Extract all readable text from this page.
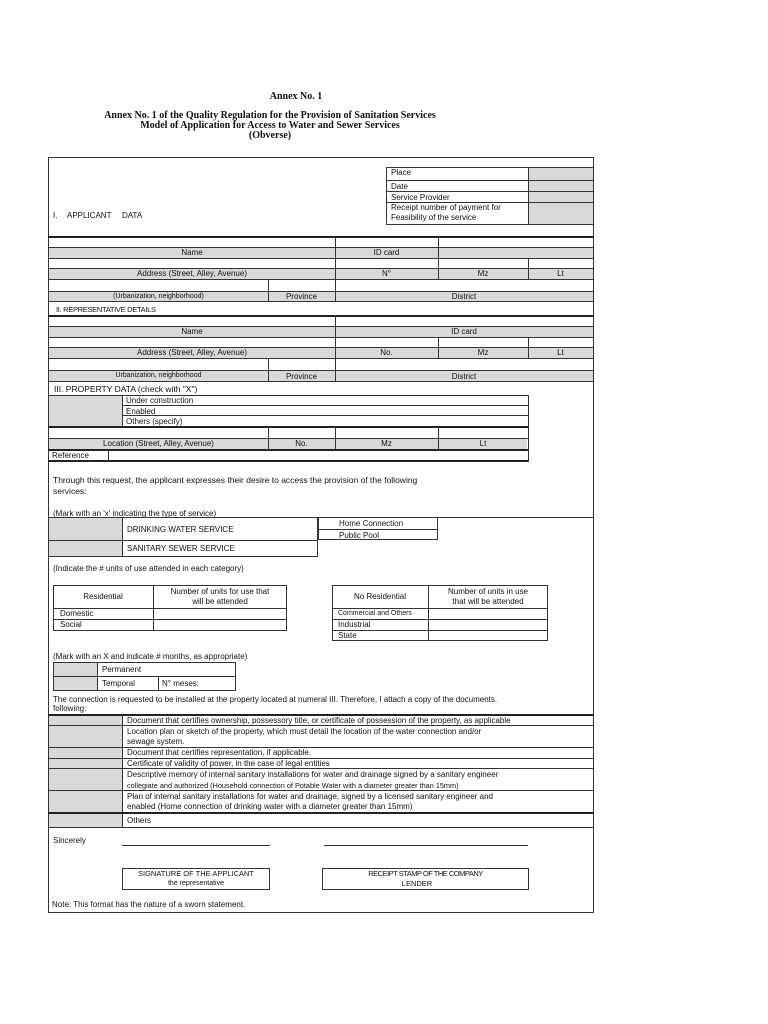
Annex No. 1
Annex No. 1 of the Quality Regulation for the Provision of Sanitation Services
Model of Application for Access to Water and Sewer Services
(Obverse)
Place
Date
Service Provider
Receipt number of payment for
Feasibility of the service
I. APPLICANT DATA
Name	ID card
Address (Street, Alley, Avenue)	N°	Mz	Lt
(Urbanization, neighborhood)	Province	District
II. REPRESENTATIVE DETAILS
Name	ID card
Address (Street, Alley, Avenue)	No.	Mz	Lt
Urbanization, neighborhood	Province	District
III. PROPERTY DATA (check with "X")
Under construction
Enabled
Others (specify)
Location (Street, Alley, Avenue)	No.	Mz	Lt
Reference
Through this request, the applicant expresses their desire to access the provision of the following
services:
(Mark with an 'x' indicating the type of service)
DRINKING WATER SERVICE
SANITARY SEWER SERVICE
Home Connection
Public Pool
(Indicate the # units of use attended in each category)
Residential
Number of units for use that
will be attended
Domestic
Social
No Residential
Number of units in use
that will be attended
Commercial and Others
Industrial
State
(Mark with an X and indicate # months, as appropriate)
Permanent
Temporal	N° meses:
The connection is requested to be installed at the property located at numeral III. Therefore, I attach a copy of the documents.
following:
Document that certifies ownership, possessory title, or certificate of possession of the property, as applicable
Location plan or sketch of the property, which must detail the location of the water connection and/or
sewage system.
Document that certifies representation, if applicable.
Certificate of validity of power, in the case of legal entities
Descriptive memory of internal sanitary installations for water and drainage signed by a sanitary engineer
collegiate and authorized (Household connection of Potable Water with a diameter greater than 15mm)
Plan of internal sanitary installations for water and drainage, signed by a licensed sanitary engineer and
enabled (Home connection of drinking water with a diameter greater than 15mm)
Others
Sincerely
SIGNATURE OF THE APPLICANT
the representative
RECEIPT STAMP OF THE COMPANY
LENDER
Note: This format has the nature of a sworn statement.
